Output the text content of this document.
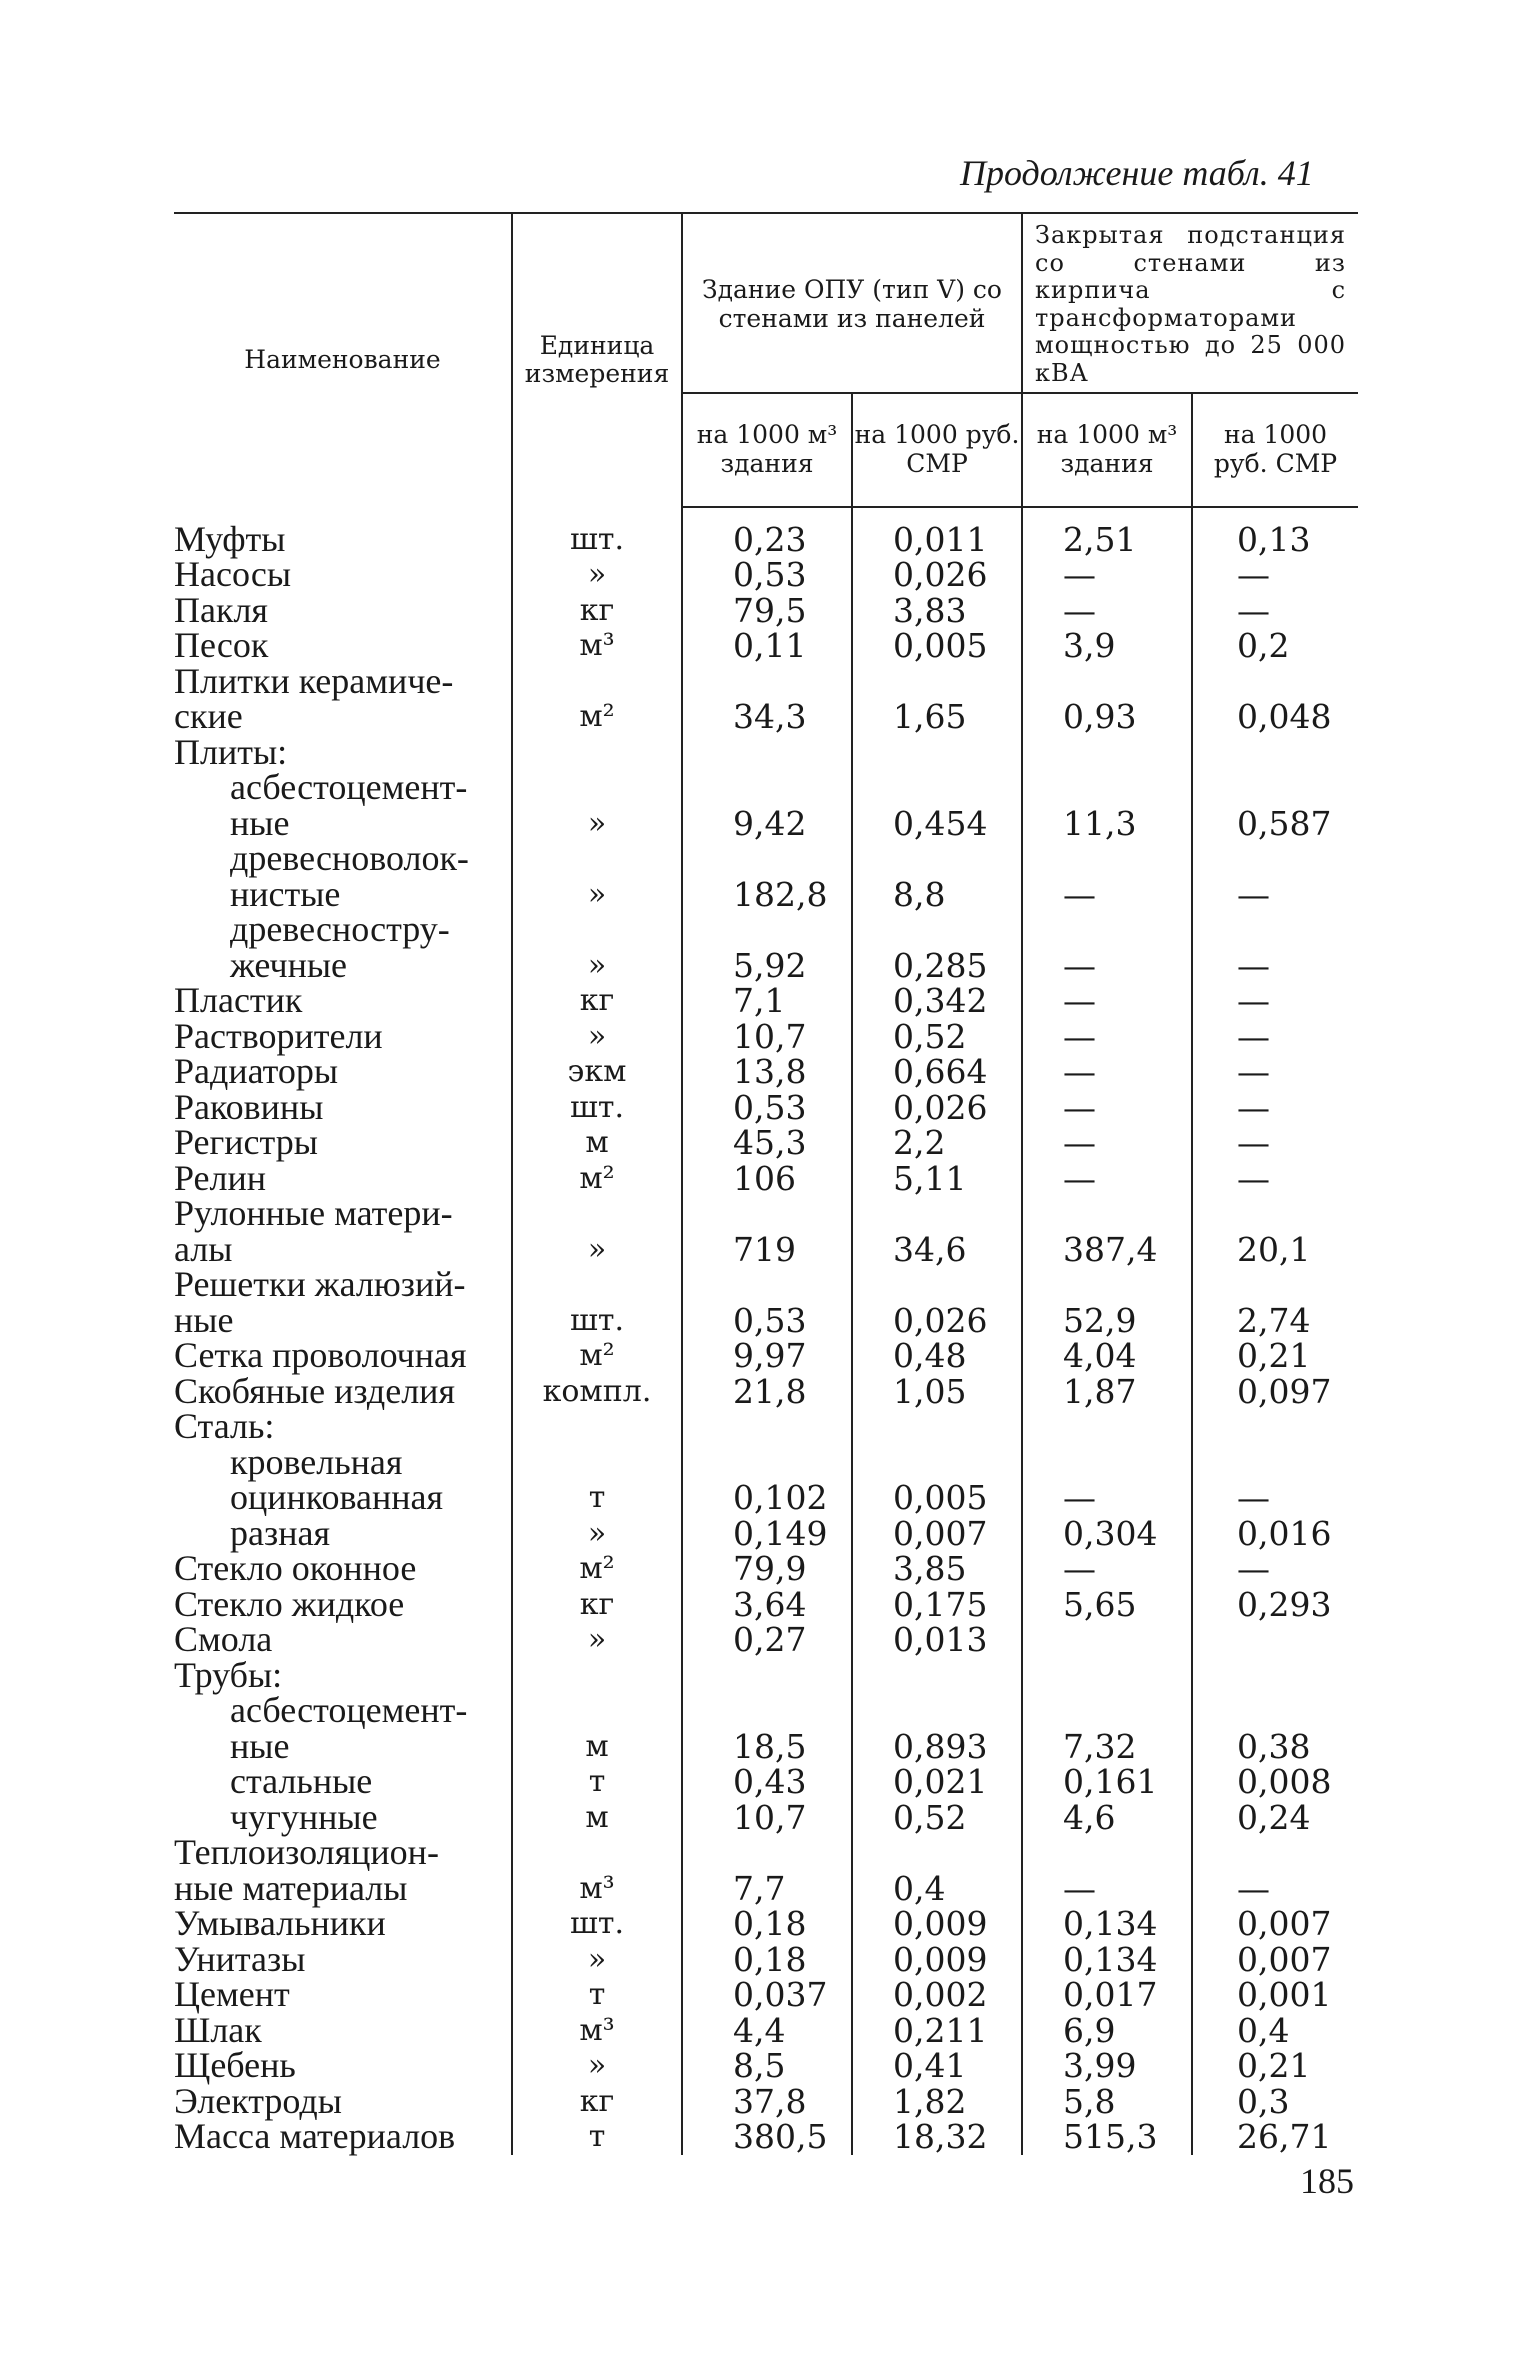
Продолжение табл. 41
Наименование	Единица измерения	Здание ОПУ (тип V) со стенами из панелей		Закрытая подстанция со стенами из кирпича с трансформаторами мощностью до 25 000 кВА	
		на 1000 м³ здания	на 1000 руб. СМР	на 1000 м³ здания	на 1000 руб. СМР
Муфты	шт.	0,23	0,011	2,51	0,13
Насосы	»	0,53	0,026	—	—
Пакля	кг	79,5	3,83	—	—
Песок	м³	0,11	0,005	3,9	0,2
Плитки керамиче-
ские	м²	34,3	1,65	0,93	0,048
Плиты:					

асбестоцемент-
ные	»	9,42	0,454	11,3	0,587

древесноволок-
нистые	»	182,8	8,8	—	—

древесностру-
жечные	»	5,92	0,285	—	—
Пластик	кг	7,1	0,342	—	—
Растворители	»	10,7	0,52	—	—
Радиаторы	экм	13,8	0,664	—	—
Раковины	шт.	0,53	0,026	—	—
Регистры	м	45,3	2,2	—	—
Релин	м²	106	5,11	—	—
Рулонные матери-
алы	»	719	34,6	387,4	20,1
Решетки жалюзий-
ные	шт.	0,53	0,026	52,9	2,74
Сетка проволочная	м²	9,97	0,48	4,04	0,21
Скобяные изделия	компл.	21,8	1,05	1,87	0,097
Сталь:					

кровельная
оцинкованная	т	0,102	0,005	—	—

разная	»	0,149	0,007	0,304	0,016
Стекло оконное	м²	79,9	3,85	—	—
Стекло жидкое	кг	3,64	0,175	5,65	0,293
Смола	»	0,27	0,013		
Трубы:					

асбестоцемент-
ные	м	18,5	0,893	7,32	0,38

стальные	т	0,43	0,021	0,161	0,008

чугунные	м	10,7	0,52	4,6	0,24
Теплоизоляцион-
ные материалы	м³	7,7	0,4	—	—
Умывальники	шт.	0,18	0,009	0,134	0,007
Унитазы	»	0,18	0,009	0,134	0,007
Цемент	т	0,037	0,002	0,017	0,001
Шлак	м³	4,4	0,211	6,9	0,4
Щебень	»	8,5	0,41	3,99	0,21
Электроды	кг	37,8	1,82	5,8	0,3
Масса материалов	т	380,5	18,32	515,3	26,71
185
